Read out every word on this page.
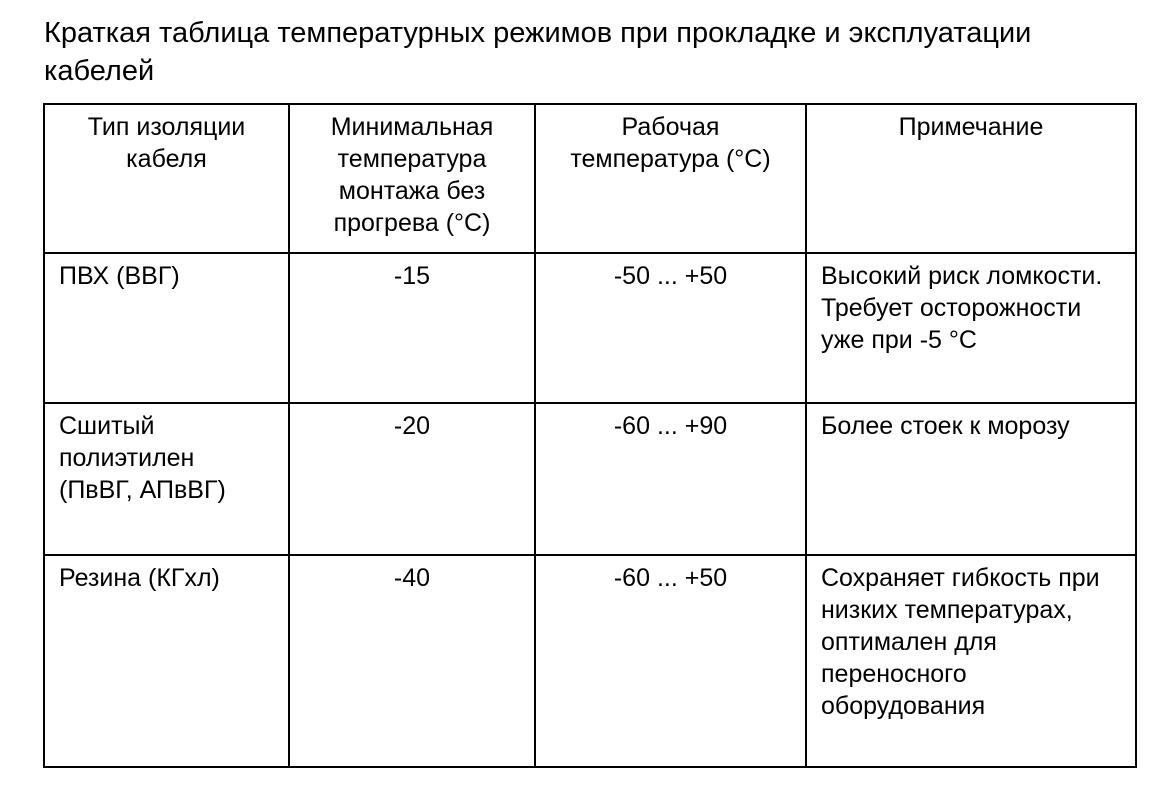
Краткая таблица температурных режимов при прокладке и эксплуатации кабелей
Тип изоляции кабеля	Минимальная температура монтажа без прогрева (°C)	Рабочая температура (°C)	Примечание
ПВХ (ВВГ)	-15	-50 ... +50	Высокий риск ломкости. Требует осторожности уже при -5 °C
Сшитый полиэтилен (ПвВГ, АПвВГ)	-20	-60 ... +90	Более стоек к морозу
Резина (КГхл)	-40	-60 ... +50	Сохраняет гибкость при низких температурах, оптимален для переносного оборудования
